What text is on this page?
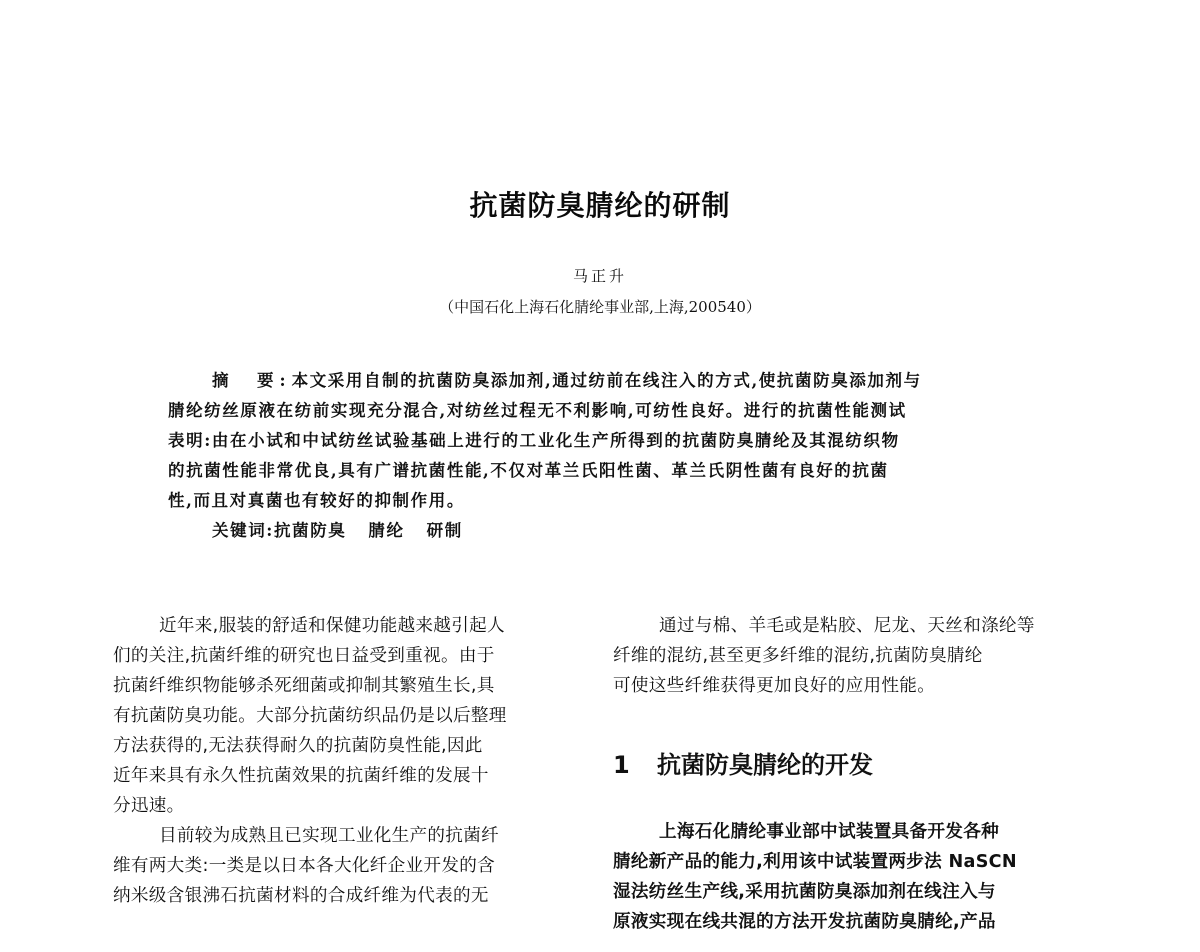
抗菌防臭腈纶的研制
马正升
（中国石化上海石化腈纶事业部,上海,200540）
摘　要:本文采用自制的抗菌防臭添加剂,通过纺前在线注入的方式,使抗菌防臭添加剂与
腈纶纺丝原液在纺前实现充分混合,对纺丝过程无不利影响,可纺性良好。进行的抗菌性能测试
表明:由在小试和中试纺丝试验基础上进行的工业化生产所得到的抗菌防臭腈纶及其混纺织物
的抗菌性能非常优良,具有广谱抗菌性能,不仅对革兰氏阳性菌、革兰氏阴性菌有良好的抗菌
性,而且对真菌也有较好的抑制作用。
关键词:抗菌防臭 腈纶 研制
近年来,服装的舒适和保健功能越来越引起人
们的关注,抗菌纤维的研究也日益受到重视。由于
抗菌纤维织物能够杀死细菌或抑制其繁殖生长,具
有抗菌防臭功能。大部分抗菌纺织品仍是以后整理
方法获得的,无法获得耐久的抗菌防臭性能,因此
近年来具有永久性抗菌效果的抗菌纤维的发展十
分迅速。
目前较为成熟且已实现工业化生产的抗菌纤
维有两大类:一类是以日本各大化纤企业开发的含
纳米级含银沸石抗菌材料的合成纤维为代表的无
通过与棉、羊毛或是粘胶、尼龙、天丝和涤纶等
纤维的混纺,甚至更多纤维的混纺,抗菌防臭腈纶
可使这些纤维获得更加良好的应用性能。
1 抗菌防臭腈纶的开发
上海石化腈纶事业部中试装置具备开发各种
腈纶新产品的能力,利用该中试装置两步法 NaSCN
湿法纺丝生产线,采用抗菌防臭添加剂在线注入与
原液实现在线共混的方法开发抗菌防臭腈纶,产品
